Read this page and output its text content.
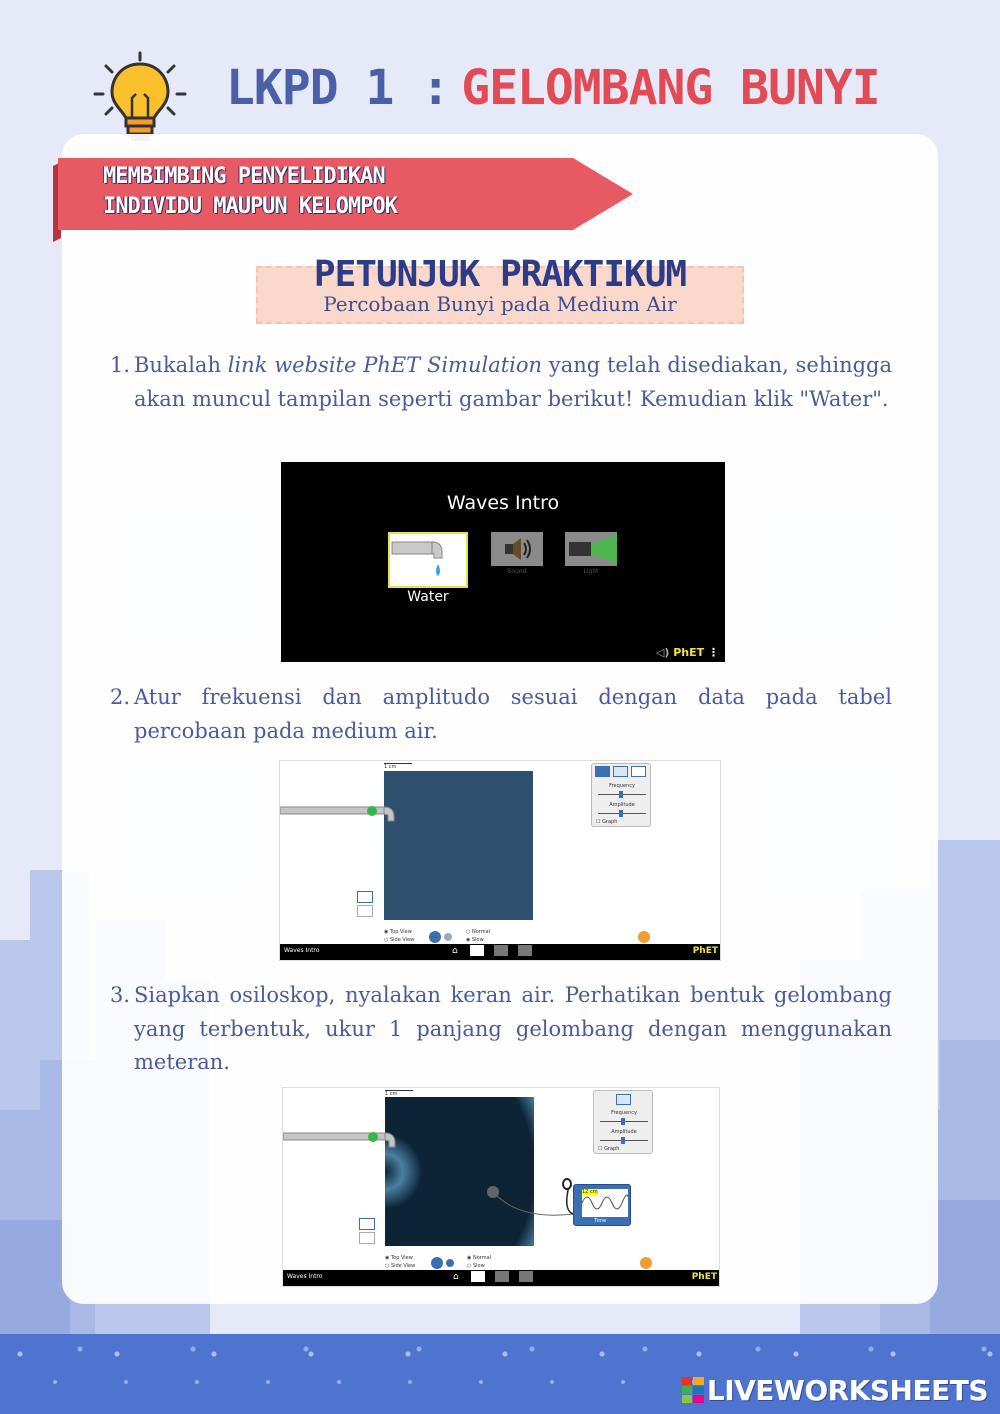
LIVEWORKSHEETS
LKPD 1 : GELOMBANG BUNYI
MEMBIMBING PENYELIDIKAN
INDIVIDU MAUPUN KELOMPOK
PETUNJUK PRAKTIKUM
Percobaan Bunyi pada Medium Air
1. Bukalah link website PhET Simulation yang telah disediakan, sehingga akan muncul tampilan seperti gambar berikut! Kemudian klik "Water".
Waves Intro
Water
Sound	Light
◁) PhET ⋮
2. Atur frekuensi dan amplitudo sesuai dengan data pada tabel percobaan pada medium air.
1 cm
Frequency
Amplitude
☐ Graph
◉ Top View
○ Side View
○ Normal
◉ Slow
Waves Intro	⌂	PhET
3. Siapkan osiloskop, nyalakan keran air. Perhatikan bentuk gelombang yang terbentuk, ukur 1 panjang gelombang dengan menggunakan meteran.
1 cm
Frequency
Amplitude
☐ Graph
12 cm
Time
◉ Top View
○ Side View
◉ Normal
○ Slow
Waves Intro	⌂	PhET
